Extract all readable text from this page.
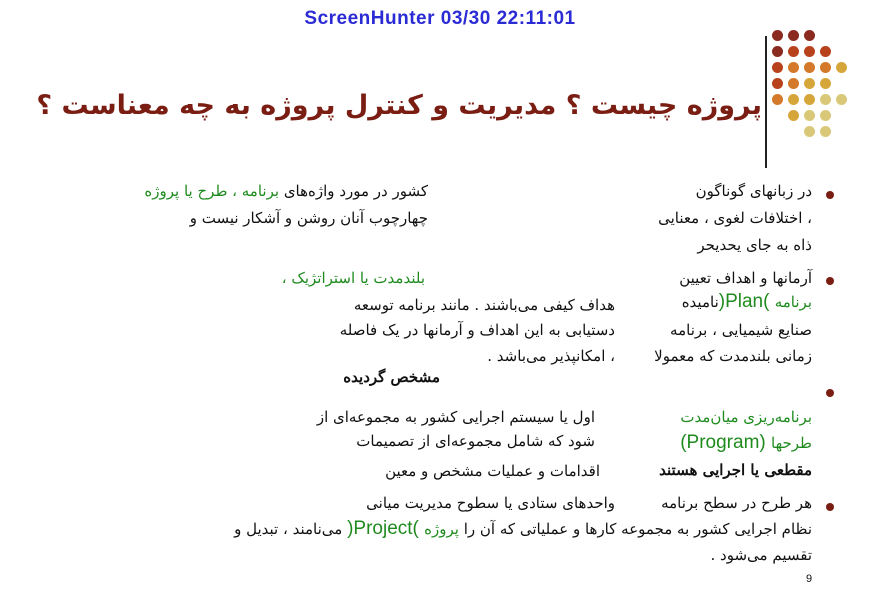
ScreenHunter 03/30 22:11:01
پروژه چیست ؟ مدیریت و کنترل پروژه به چه معناست ؟
در زبانهای گوناگون
، اختلافات لغوی ، معنایی
ذاه به جای یحدیحر
کشور در مورد واژه‌های برنامه ، طرح یا پروژه
چهارچوب آنان روشن و آشکار نیست و
آرمانها و اهداف تعیین
برنامه )Plan(نامیده
صنایع شیمیایی ، برنامه
زمانی بلندمدت که معمولا
بلندمدت یا استراتژیک ،
هداف کیفی می‌باشند . مانند برنامه توسعه
دستیابی به این اهداف و آرمانها در یک فاصله
، امکانپذیر می‌باشد .
برنامه‌ریزی میان‌مدت
طرحها (Program)
مقطعی یا اجرایی هستند
مشخص گردیده
اول یا سیستم اجرایی کشور به مجموعه‌ای از
شود که شامل مجموعه‌ای از تصمیمات
اقدامات و عملیات مشخص و معین
هر طرح در سطح برنامه
واحدهای ستادی یا سطوح مدیریت میانی
نظام اجرایی کشور به مجموعه کارها و عملیاتی که آن را پروژه )Project( می‌نامند ، تبدیل و
تقسیم می‌شود .
9
